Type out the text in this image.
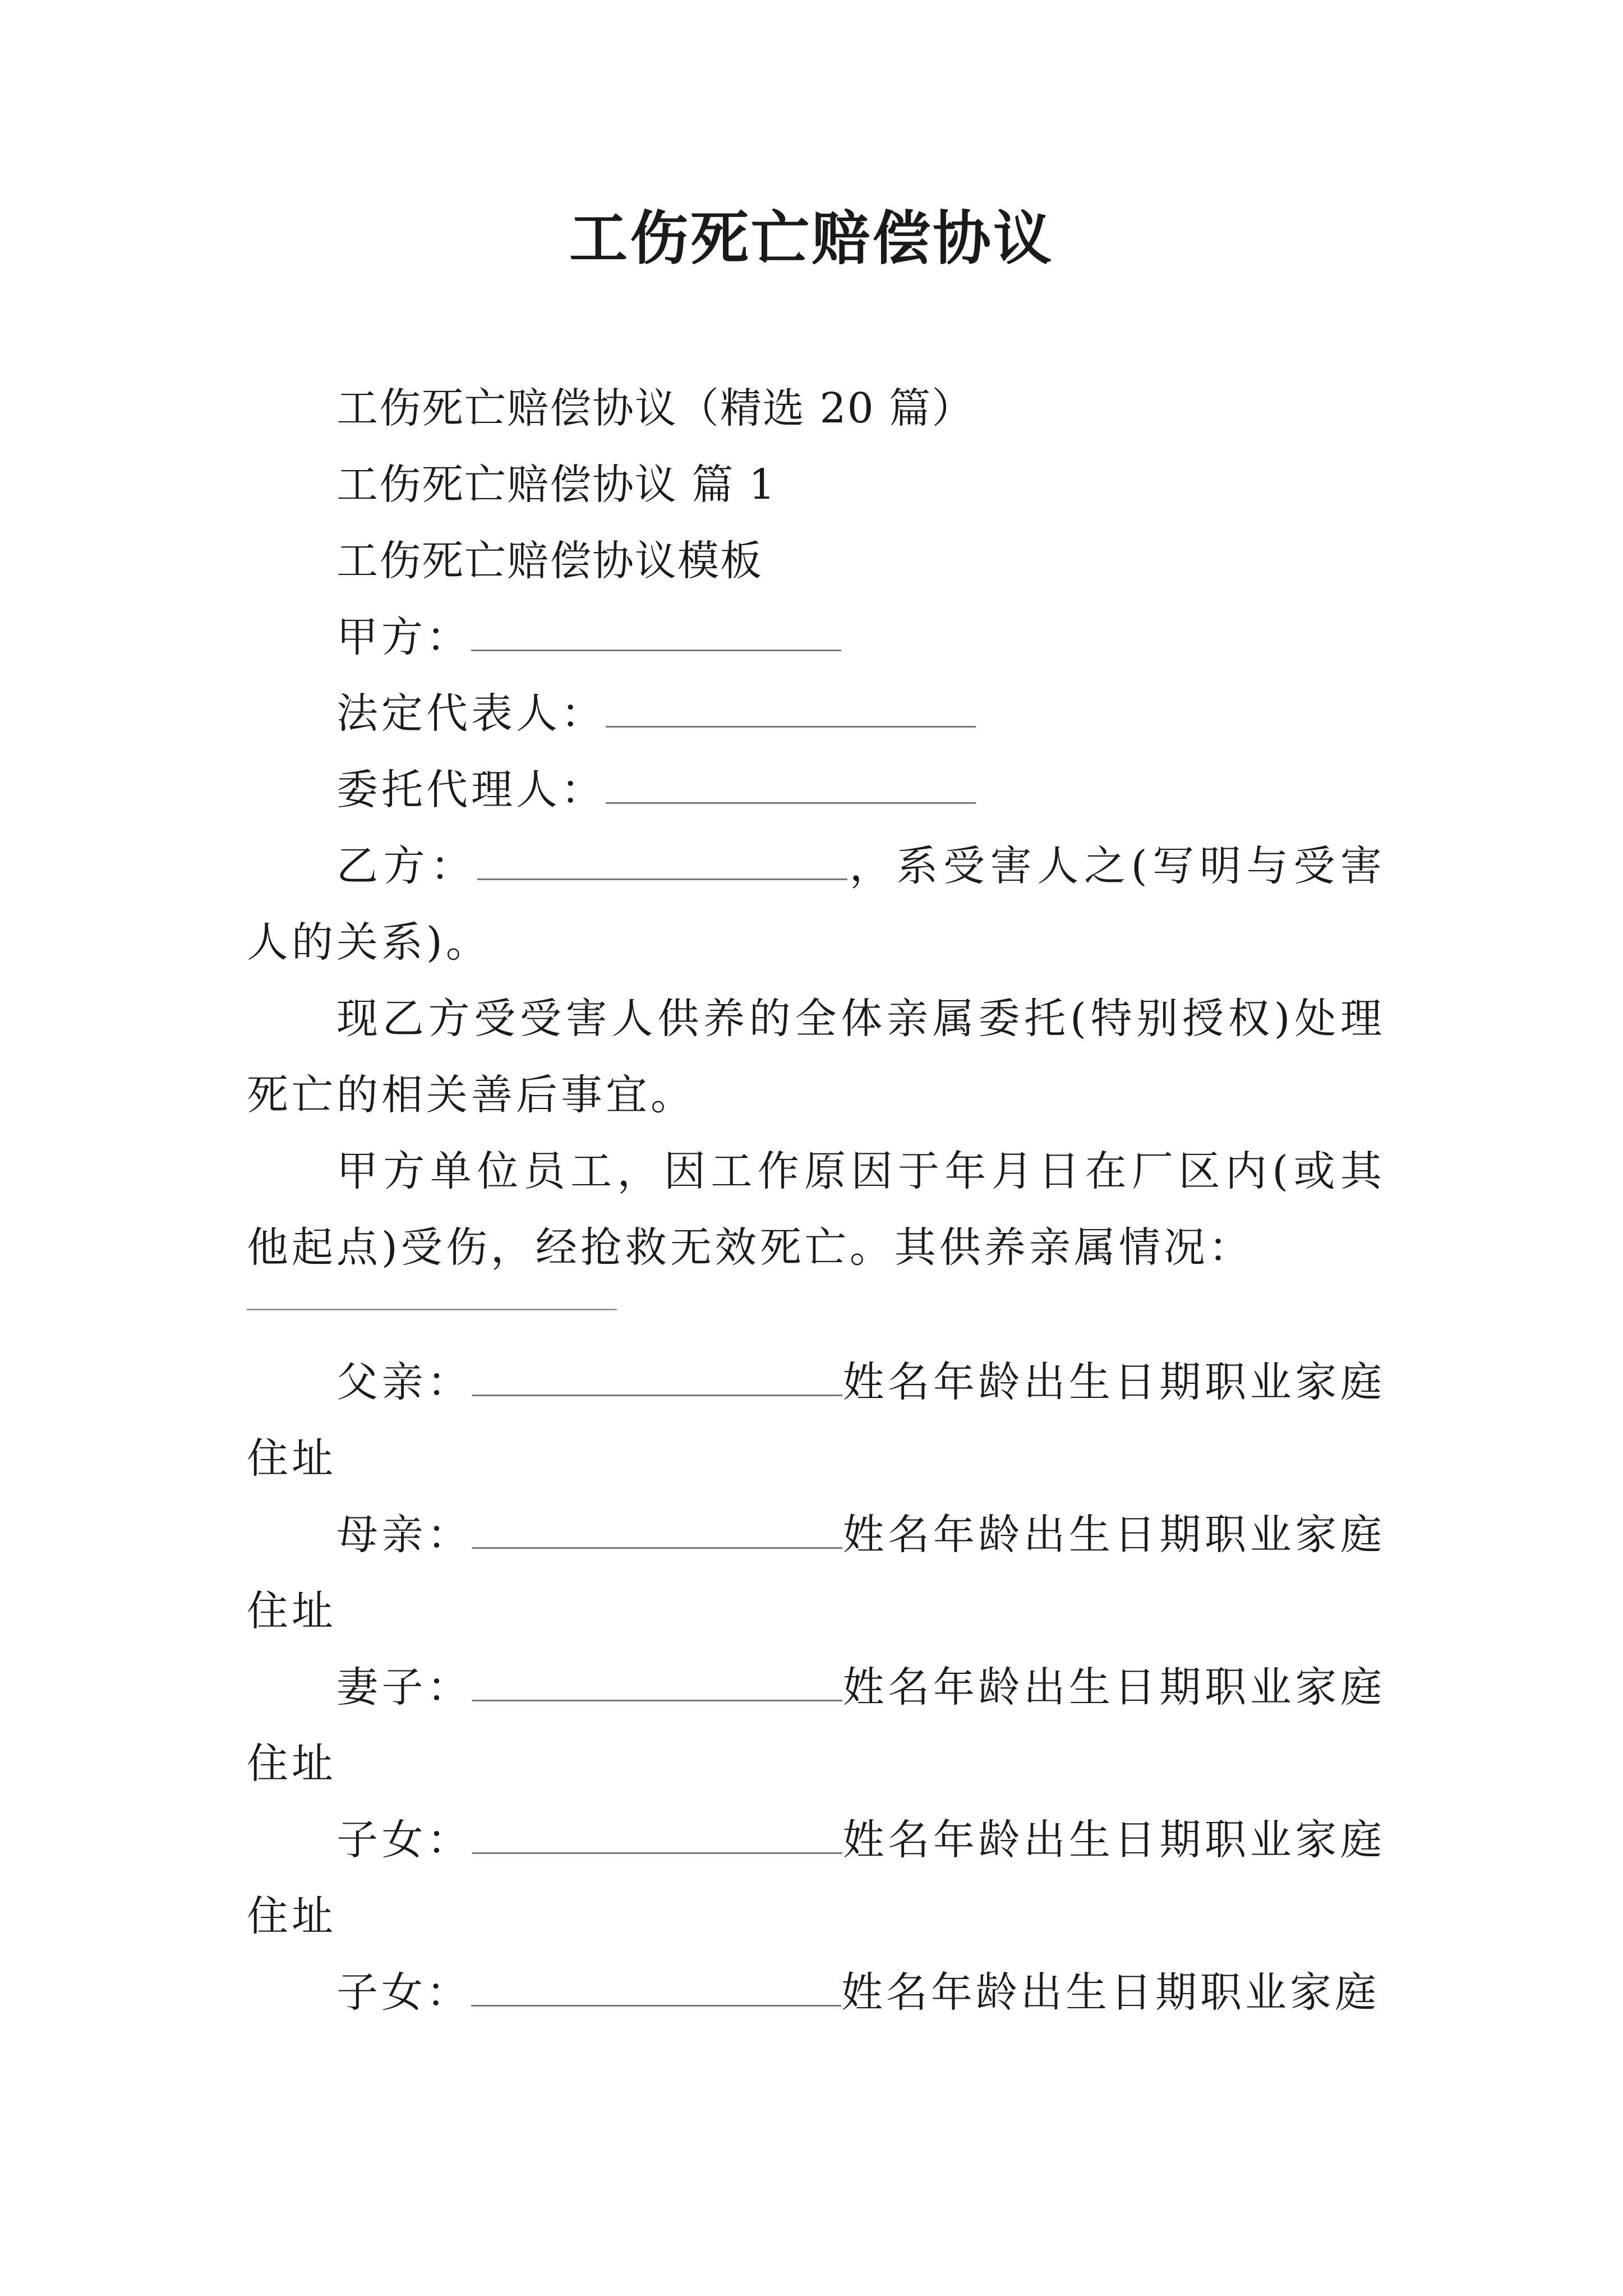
工伤死亡赔偿协议

工伤死亡赔偿协议（精选 20 篇）

工伤死亡赔偿协议 篇 1

工伤死亡赔偿协议模板

甲方：

法定代表人：

委托代理人：

乙方：	，系受害人之(写明与受害人的关系)。

现乙方受受害人供养的全体亲属委托(特别授权)处理死亡的相关善后事宜。

甲方单位员工，因工作原因于年月日在厂区内(或其他起点)受伤，经抢救无效死亡。其供养亲属情况：

父亲：	姓名年龄出生日期职业家庭住址

母亲：	姓名年龄出生日期职业家庭住址

妻子：	姓名年龄出生日期职业家庭住址

子女：	姓名年龄出生日期职业家庭住址

子女：	姓名年龄出生日期职业家庭
